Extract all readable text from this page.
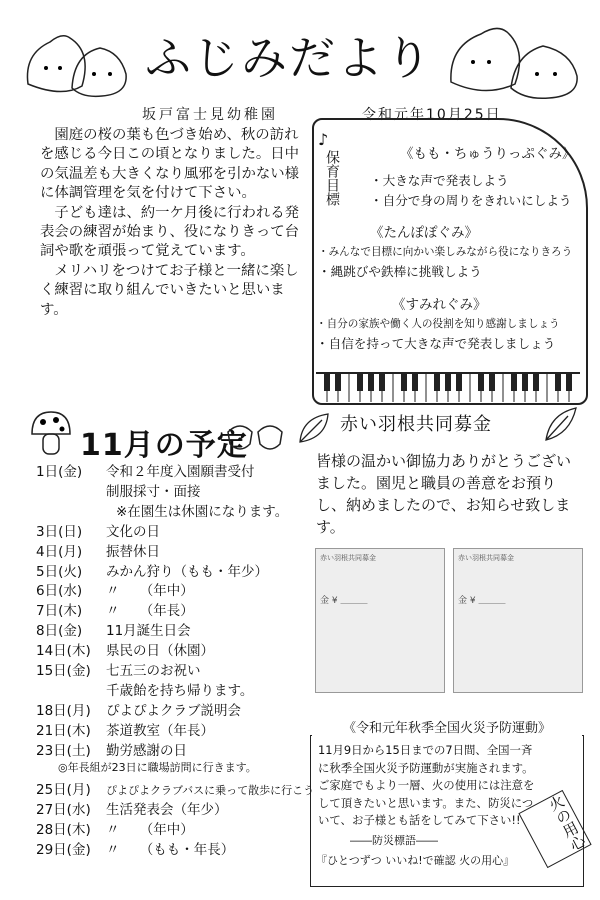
ふじみだより
坂戸富士見幼稚園	令和元年10月25日

園庭の桜の葉も色づき始め、秋の訪れを感じる今日この頃となりました。日中の気温差も大きくなり風邪を引かない様に体調管理を気を付けて下さい。

子ども達は、約一ケ月後に行われる発表会の練習が始まり、役になりきって台詞や歌を頑張って覚えています。

メリハリをつけてお子様と一緒に楽しく練習に取り組んでいきたいと思います。

保育目標
♪
《もも・ちゅうりっぷぐみ》
・大きな声で発表しよう
・自分で身の周りをきれいにしよう
《たんぽぽぐみ》
・みんなで目標に向かい楽しみながら役になりきろう
・縄跳びや鉄棒に挑戦しよう
《すみれぐみ》
・自分の家族や働く人の役割を知り感謝しましょう
・自信を持って大きな声で発表しましょう
11月の予定
1日(金) 令和２年度入園願書受付
制服採寸・面接
※在園生は休園になります。
3日(日) 文化の日
4日(月) 振替休日
5日(火) みかん狩り（もも・年少）
6日(水) 〃　　（年中）
7日(木) 〃　　（年長）
8日(金) 11月誕生日会
14日(木) 県民の日（休園）
15日(金) 七五三のお祝い
千歳飴を持ち帰ります。
18日(月) ぴよぴよクラブ説明会
21日(木) 茶道教室（年長）
23日(土) 勤労感謝の日
◎年長組が23日に職場訪問に行きます。
25日(月) ぴよぴよクラブバスに乗って散歩に行こう
27日(水) 生活発表会（年少）
28日(木) 〃　　（年中）
29日(金) 〃　　（もも・年長）
赤い羽根共同募金
皆様の温かい御協力ありがとうございました。園児と職員の善意をお預りし、納めましたので、お知らせ致します。
赤い羽根共同募金
金 ¥ ＿＿＿
赤い羽根共同募金
金 ¥ ＿＿＿
《令和元年秋季全国火災予防運動》
11月9日から15日までの7日間、全国一斉に秋季全国火災予防運動が実施されます。ご家庭でもより一層、火の使用には注意をして頂きたいと思います。また、防災について、お子様とも話をしてみて下さい!!
――防災標語――
『ひとつずつ いいね!で確認 火の用心』
火の用心
